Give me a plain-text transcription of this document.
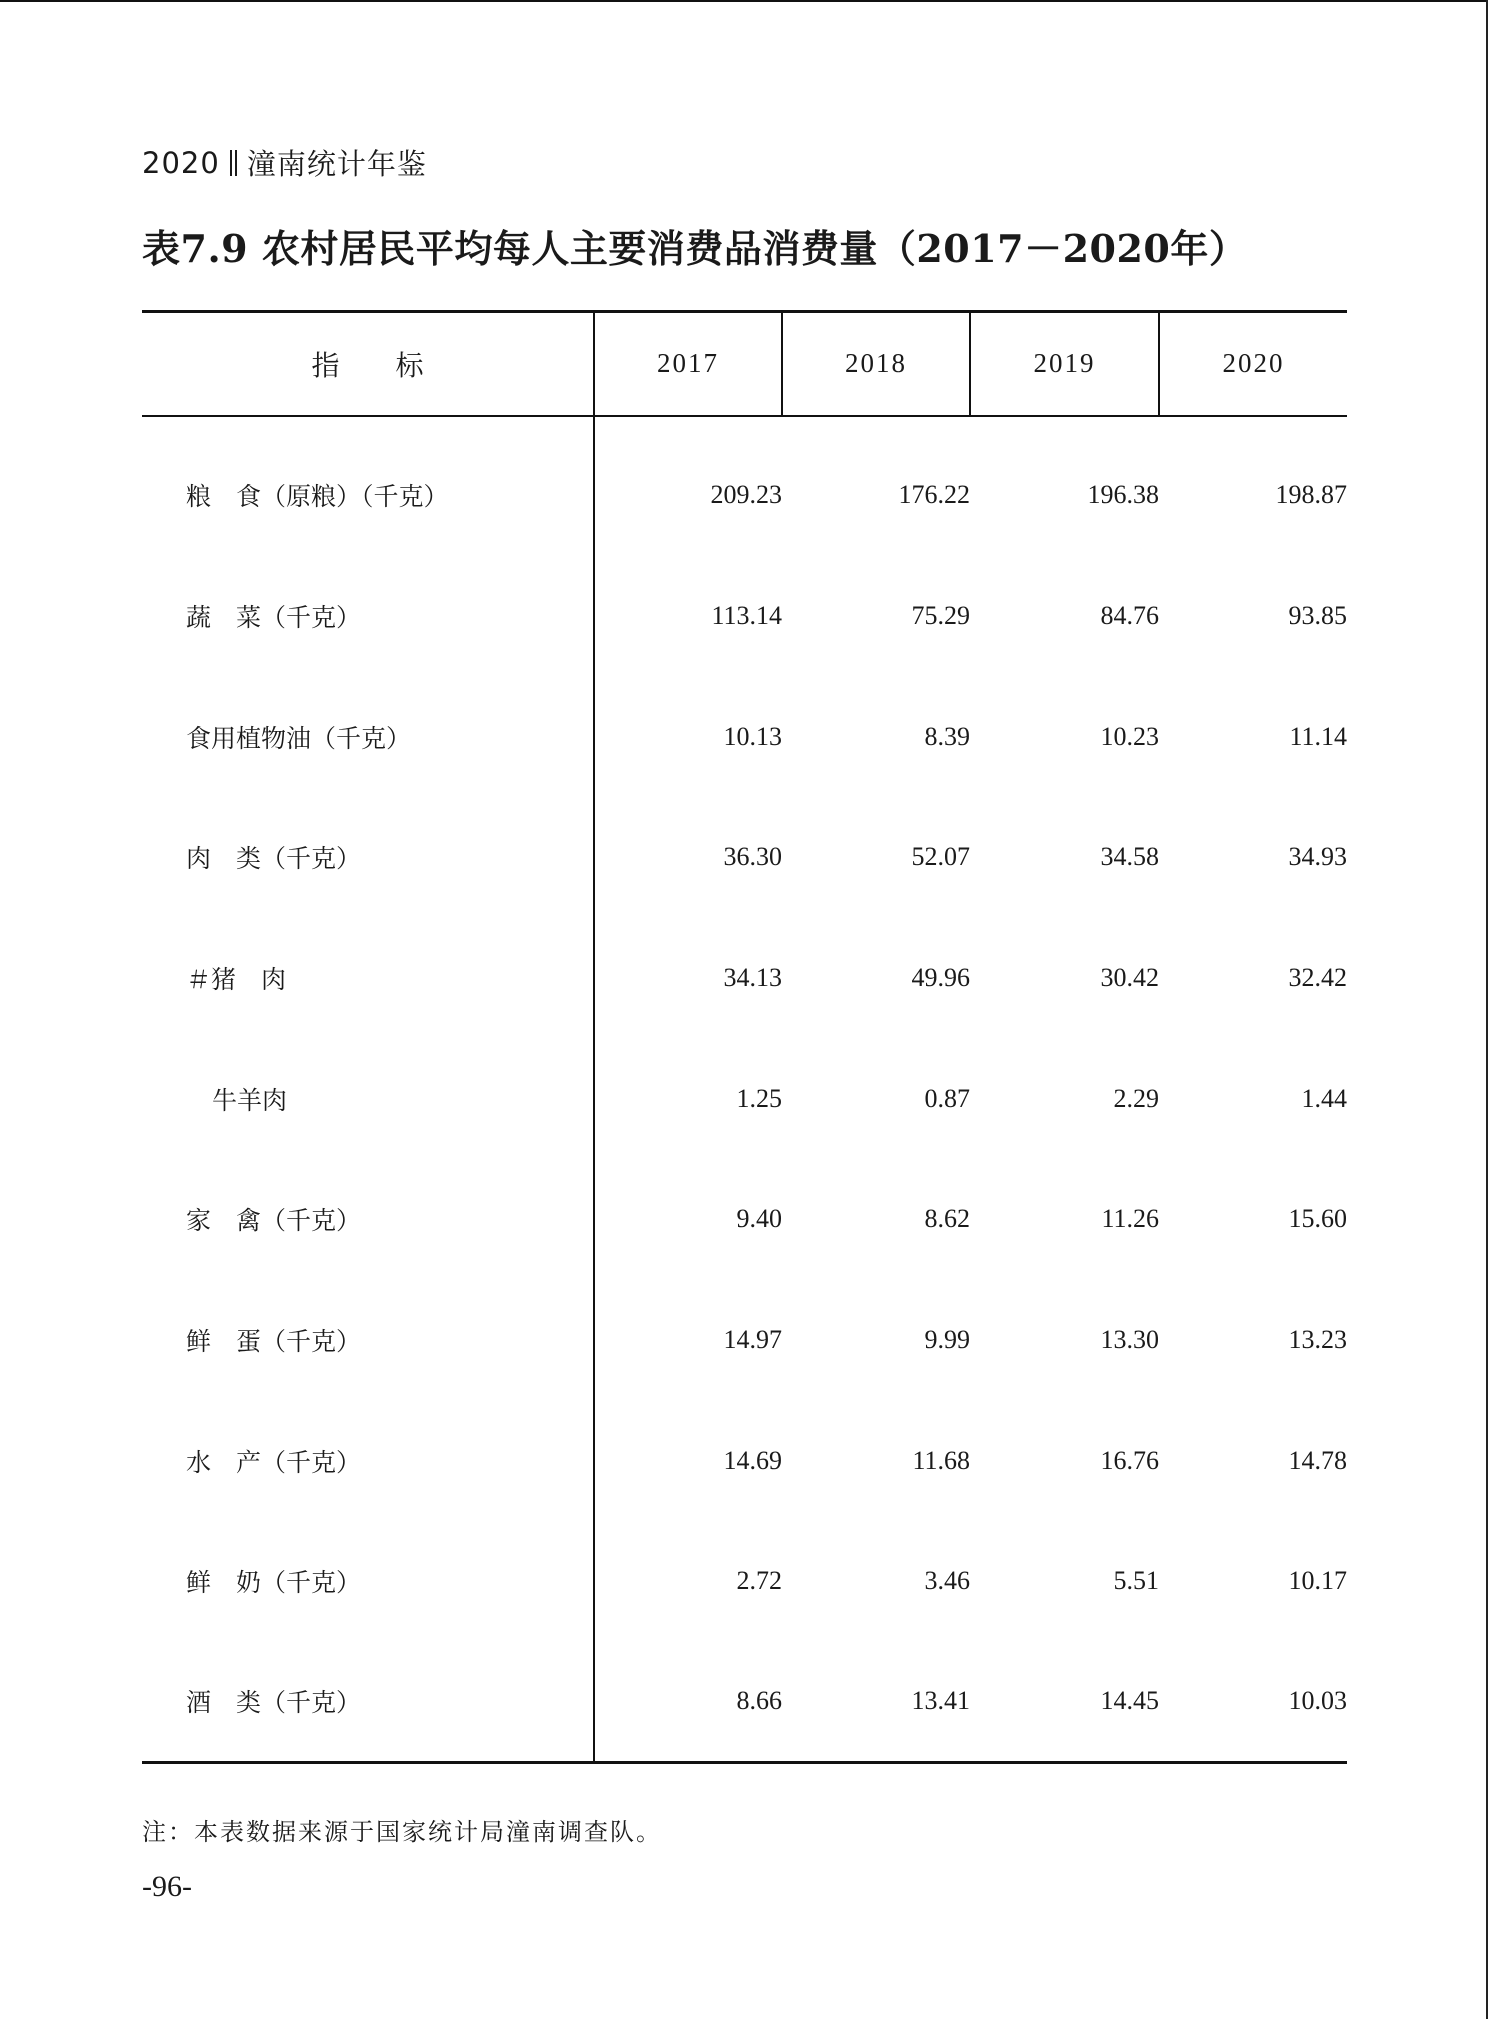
2020 潼南统计年鉴
表7.9 农村居民平均每人主要消费品消费量（2017－2020年）
指　　标	2017	2018	2019	2020
粮　食（原粮）（千克）	209.23	176.22	196.38	198.87
蔬　菜（千克）	113.14	75.29	84.76	93.85
食用植物油（千克）	10.13	8.39	10.23	11.14
肉　类（千克）	36.30	52.07	34.58	34.93
＃猪　肉	34.13	49.96	30.42	32.42
牛羊肉	1.25	0.87	2.29	1.44
家　禽（千克）	9.40	8.62	11.26	15.60
鲜　蛋（千克）	14.97	9.99	13.30	13.23
水　产（千克）	14.69	11.68	16.76	14.78
鲜　奶（千克）	2.72	3.46	5.51	10.17
酒　类（千克）	8.66	13.41	14.45	10.03
注：本表数据来源于国家统计局潼南调查队。
-96-
